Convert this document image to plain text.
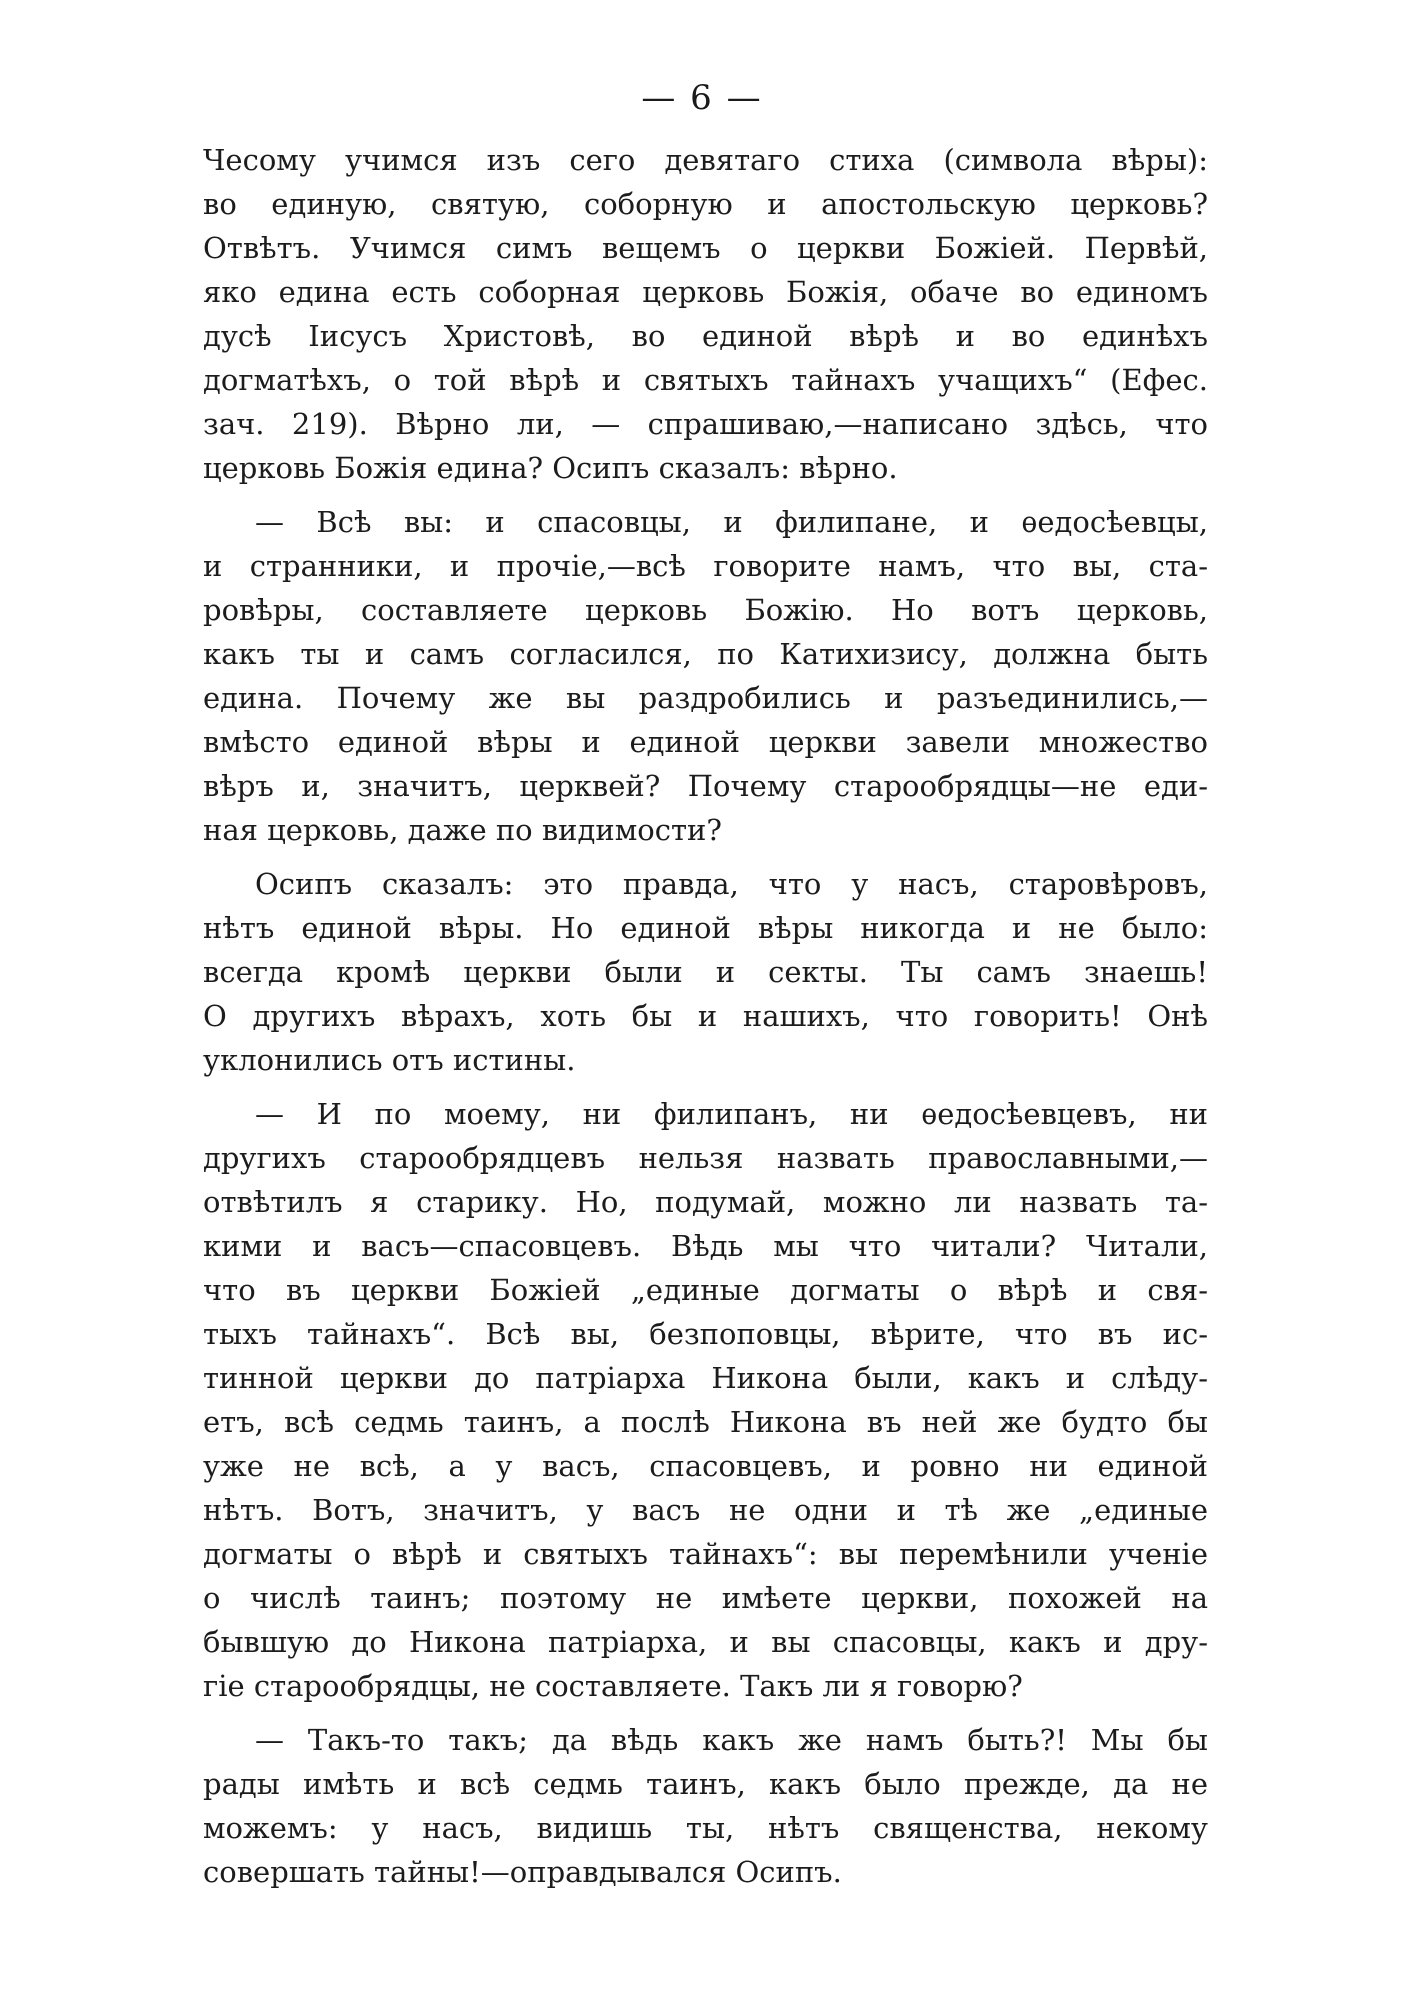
— 6 —
Чесому учимся изъ сего девятаго стиха (символа вѣры):
во единую, святую, соборную и апостольскую церковь?
Отвѣтъ. Учимся симъ вещемъ о церкви Божіей. Первѣй,
яко едина есть соборная церковь Божія, обаче во единомъ
дусѣ Іисусъ Христовѣ, во единой вѣрѣ и во единѣхъ
догматѣхъ, о той вѣрѣ и святыхъ тайнахъ учащихъ“ (Ефес.
зач. 219). Вѣрно ли, — спрашиваю,—написано здѣсь, что
церковь Божія едина? Осипъ сказалъ: вѣрно.
— Всѣ вы: и спасовцы, и филипане, и ѳедосѣевцы,
и странники, и прочіе,—всѣ говорите намъ, что вы, ста-
ровѣры, составляете церковь Божію. Но вотъ церковь,
какъ ты и самъ согласился, по Катихизису, должна быть
едина. Почему же вы раздробились и разъединились,—
вмѣсто единой вѣры и единой церкви завели множество
вѣръ и, значитъ, церквей? Почему старообрядцы—не еди-
ная церковь, даже по видимости?
Осипъ сказалъ: это правда, что у насъ, старовѣровъ,
нѣтъ единой вѣры. Но единой вѣры никогда и не было:
всегда кромѣ церкви были и секты. Ты самъ знаешь!
О другихъ вѣрахъ, хоть бы и нашихъ, что говорить! Онѣ
уклонились отъ истины.
— И по моему, ни филипанъ, ни ѳедосѣевцевъ, ни
другихъ старообрядцевъ нельзя назвать православными,—
отвѣтилъ я старику. Но, подумай, можно ли назвать та-
кими и васъ—спасовцевъ. Вѣдь мы что читали? Читали,
что въ церкви Божіей „единые догматы о вѣрѣ и свя-
тыхъ тайнахъ“. Всѣ вы, безпоповцы, вѣрите, что въ ис-
тинной церкви до патріарха Никона были, какъ и слѣду-
етъ, всѣ седмь таинъ, а послѣ Никона въ ней же будто бы
уже не всѣ, а у васъ, спасовцевъ, и ровно ни единой
нѣтъ. Вотъ, значитъ, у васъ не одни и тѣ же „единые
догматы о вѣрѣ и святыхъ тайнахъ“: вы перемѣнили ученіе
о числѣ таинъ; поэтому не имѣете церкви, похожей на
бывшую до Никона патріарха, и вы спасовцы, какъ и дру-
гіе старообрядцы, не составляете. Такъ ли я говорю?
— Такъ-то такъ; да вѣдь какъ же намъ быть?! Мы бы
рады имѣть и всѣ седмь таинъ, какъ было прежде, да не
можемъ: у насъ, видишь ты, нѣтъ священства, некому
совершать тайны!—оправдывался Осипъ.
